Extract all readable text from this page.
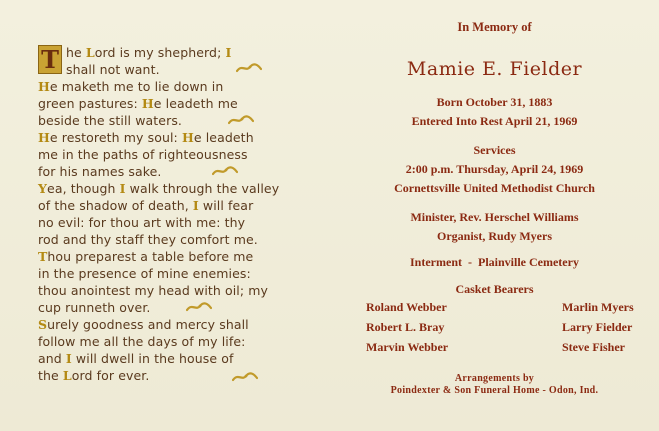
T he Lord is my shepherd; I
shall not want.
He maketh me to lie down in
green pastures: He leadeth me
beside the still waters.
He restoreth my soul: He leadeth
me in the paths of righteousness
for his names sake.
Yea, though I walk through the valley
of the shadow of death, I will fear
no evil: for thou art with me: thy
rod and thy staff they comfort me.
Thou preparest a table before me
in the presence of mine enemies:
thou anointest my head with oil; my
cup runneth over.
Surely goodness and mercy shall
follow me all the days of my life:
and I will dwell in the house of
the Lord for ever.
In Memory of
Mamie E. Fielder
Born October 31, 1883
Entered Into Rest April 21, 1969
Services
2:00 p.m. Thursday, April 24, 1969
Cornettsville United Methodist Church
Minister, Rev. Herschel Williams
Organist, Rudy Myers
Interment  -  Plainville Cemetery
Casket Bearers
Roland Webber
Robert L. Bray
Marvin Webber
Marlin Myers
Larry Fielder
Steve Fisher
Arrangements by
Poindexter & Son Funeral Home - Odon, Ind.
